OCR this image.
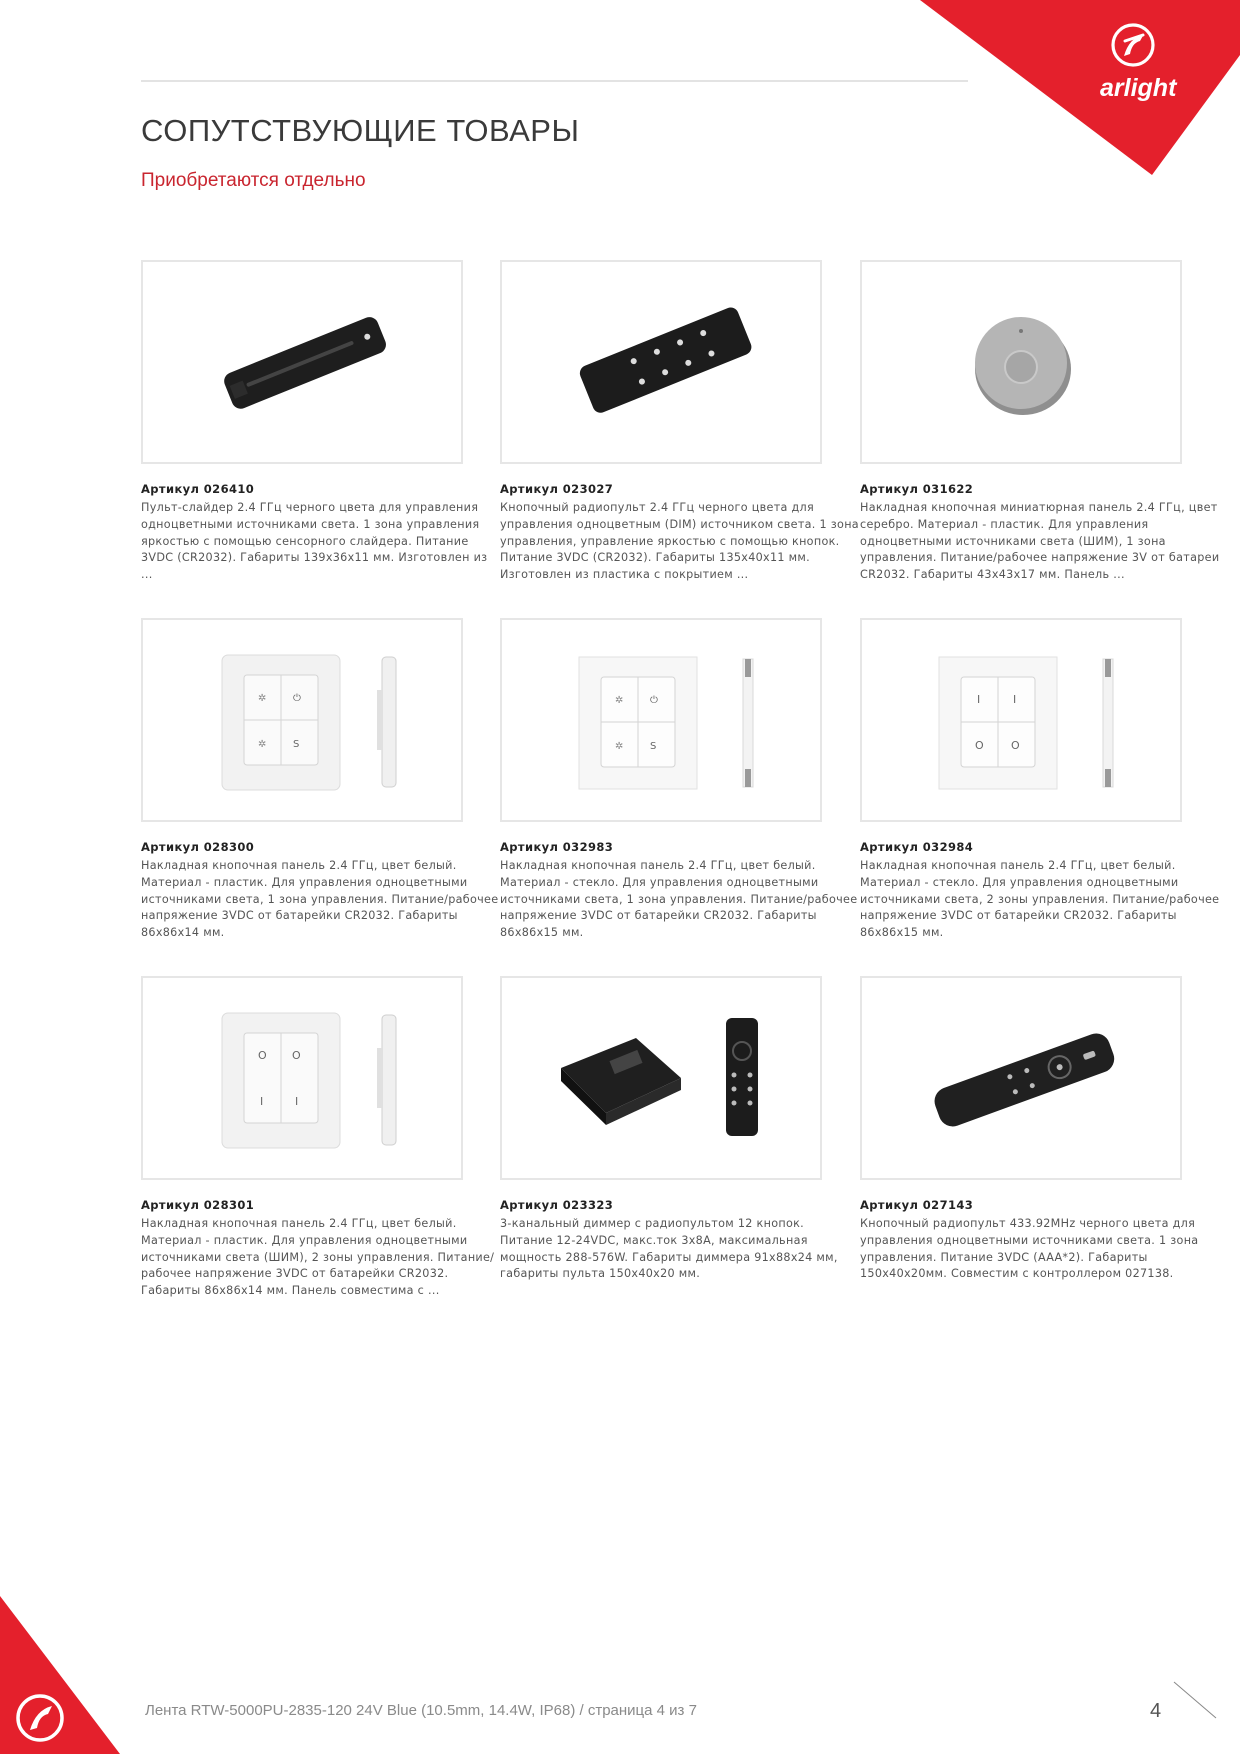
arlight
СОПУТСТВУЮЩИЕ ТОВАРЫ
Приобретаются отдельно
Артикул 026410
Пульт-слайдер 2.4 ГГц черного цвета для управления одноцветными источниками света. 1 зона управления яркостью с помощью сенсорного слайдера. Питание 3VDC (CR2032). Габариты 139x36x11 мм. Изготовлен из ...
Артикул 023027
Кнопочный радиопульт 2.4 ГГц черного цвета для управления одноцветным (DIM) источником света. 1 зона управления, управление яркостью с помощью кнопок. Питание 3VDC (CR2032). Габариты 135x40x11 мм. Изготовлен из пластика с покрытием ...
Артикул 031622
Накладная кнопочная миниатюрная панель 2.4 ГГц, цвет серебро. Материал - пластик. Для управления одноцветными источниками света (ШИМ), 1 зона управления. Питание/рабочее напряжение 3V от батареи CR2032. Габариты 43x43x17 мм. Панель ...
✲	⏻
✲	S
Артикул 028300
Накладная кнопочная панель 2.4 ГГц, цвет белый. Материал - пластик. Для управления одноцветными источниками света, 1 зона управления. Питание/рабочее напряжение 3VDC от батарейки CR2032. Габариты 86x86x14 мм.
✲	⏻
✲	S
Артикул 032983
Накладная кнопочная панель 2.4 ГГц, цвет белый. Материал - стекло. Для управления одноцветными источниками света, 1 зона управления. Питание/рабочее напряжение 3VDC от батарейки CR2032. Габариты 86x86x15 мм.
I	I
O O
Артикул 032984
Накладная кнопочная панель 2.4 ГГц, цвет белый. Материал - стекло. Для управления одноцветными источниками света, 2 зоны управления. Питание/рабочее напряжение 3VDC от батарейки CR2032. Габариты 86x86x15 мм.
O O
I	I
Артикул 028301
Накладная кнопочная панель 2.4 ГГц, цвет белый. Материал - пластик. Для управления одноцветными источниками света (ШИМ), 2 зоны управления. Питание/рабочее напряжение 3VDC от батарейки CR2032. Габариты 86x86x14 мм. Панель совместима с ...
Артикул 023323
3-канальный диммер с радиопультом 12 кнопок. Питание 12-24VDC, макс.ток 3x8A, максимальная мощность 288-576W. Габариты диммера 91x88x24 мм, габариты пульта 150x40x20 мм.
Артикул 027143
Кнопочный радиопульт 433.92MHz черного цвета для управления одноцветными источниками света. 1 зона управления. Питание 3VDC (AAA*2). Габариты 150x40x20мм. Совместим с контроллером 027138.
Лента RTW-5000PU-2835-120 24V Blue (10.5mm, 14.4W, IP68) / страница 4 из 7	4
